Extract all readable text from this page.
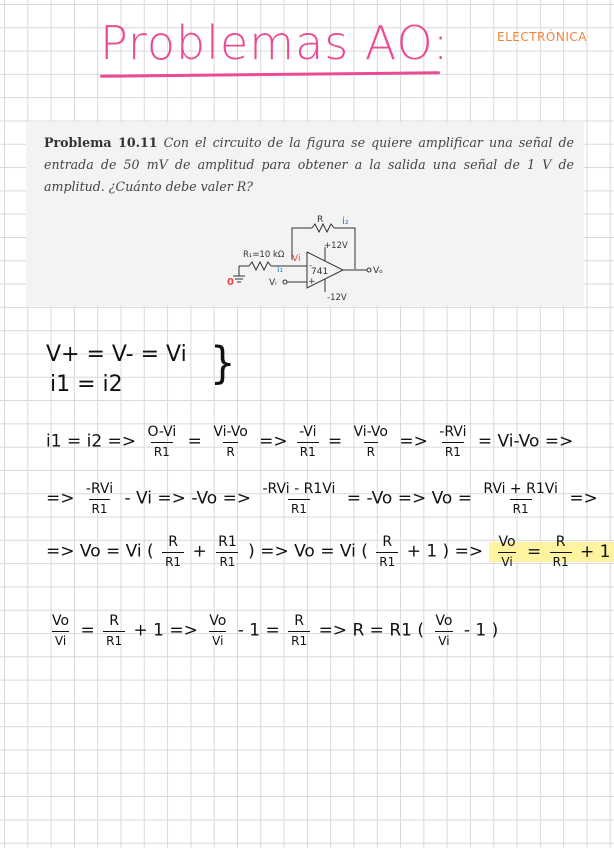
Problemas AO:	ELECTRÓNICA
Problema 10.11 Con el circuito de la figura se quiere amplificar una señal de entrada de 50 mV de amplitud para obtener a la salida una señal de 1 V de amplitud. ¿Cuánto debe valer R?
R i₂
R₁=10 kΩ Vi
i₁	741
-
+
+12V
-12V
Vᵢ
Vₒ
0
V+ = V- = Vi
i1 = i2 }
$i1 = i2 => \frac{O-Vi}{R1} = \frac{Vi-Vo}{R} => \frac{-Vi}{R1} = \frac{Vi-Vo}{R} => \frac{\text{-RVi}}{R1} = Vi-Vo$ =>
=> $\frac{\text{-RVi}}{R1} - Vi => -Vo => \frac{\text{-RVi - R1Vi}}{R1} = -Vo => Vo = \frac{\text{RVi + R1Vi}}{R1}$ =>
=> Vo = Vi ( $\frac{R}{R1} + \frac{R1}{R1}$ ) => Vo = Vi ( $\frac{R}{R1} + 1$ ) => $\frac{Vo}{Vi} = \frac{R}{R1} + 1$
$\frac{Vo}{Vi} = \frac{R}{R1} + 1 => \frac{Vo}{Vi} - 1 = \frac{R}{R1} => R = R1$ ( $\frac{Vo}{Vi} - 1$ )
